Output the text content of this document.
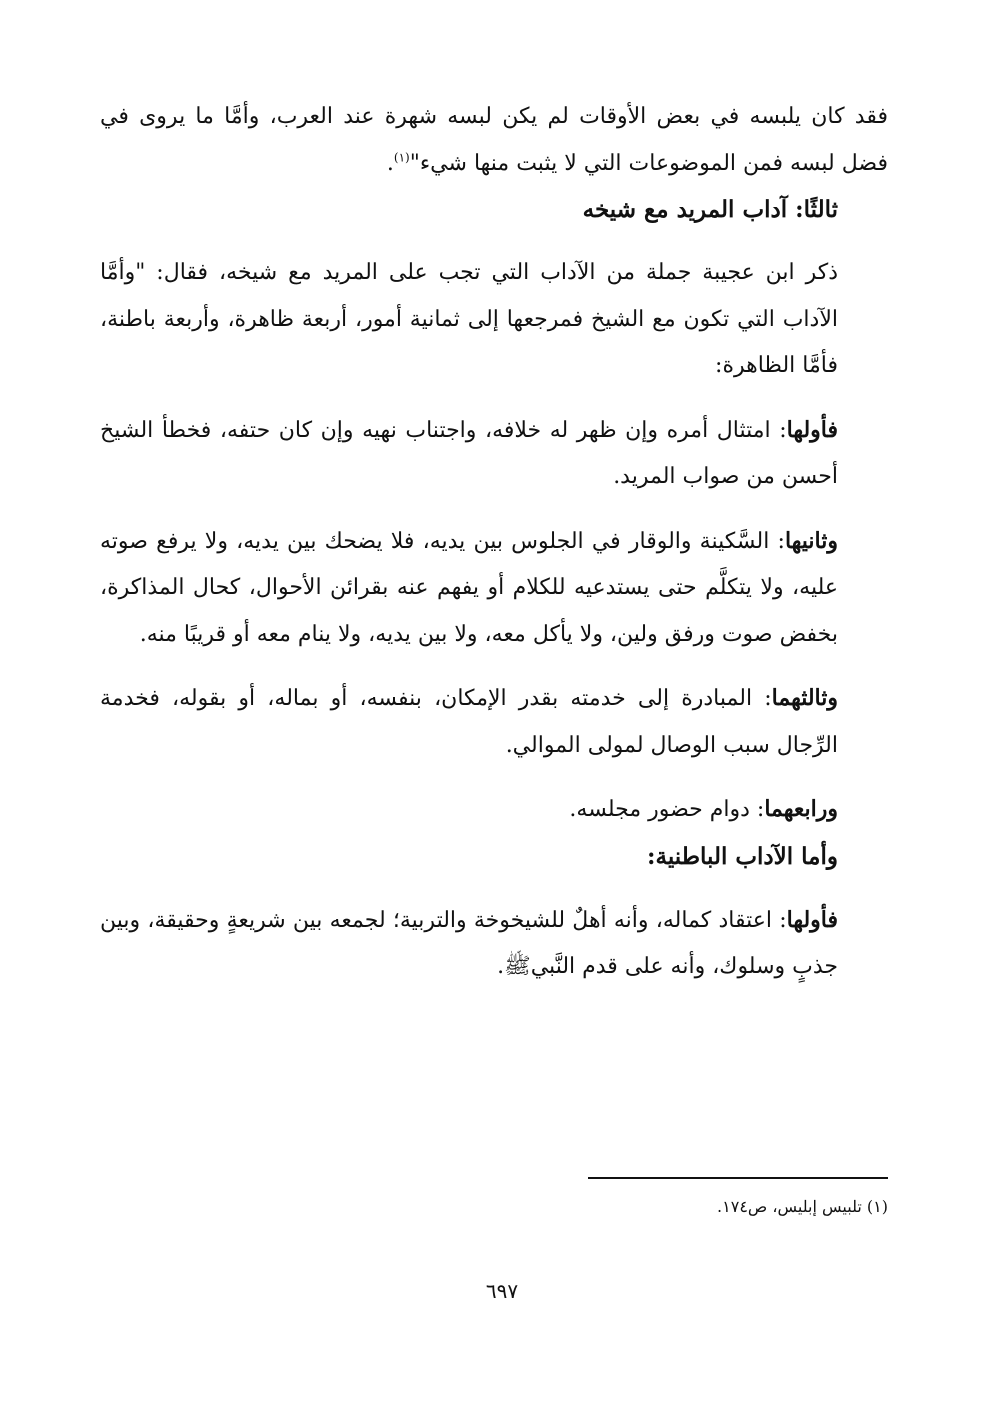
فقد كان يلبسه في بعض الأوقات لم يكن لبسه شهرة عند العرب، وأمَّا ما يروى في فضل لبسه فمن الموضوعات التي لا يثبت منها شيء"$^{(١)}$.

ثالثًا: آداب المريد مع شيخه

ذكر ابن عجيبة جملة من الآداب التي تجب على المريد مع شيخه، فقال: "وأمَّا الآداب التي تكون مع الشيخ فمرجعها إلى ثمانية أمور، أربعة ظاهرة، وأربعة باطنة، فأمَّا الظاهرة:

فأولها: امتثال أمره وإن ظهر له خلافه، واجتناب نهيه وإن كان حتفه، فخطأ الشيخ أحسن من صواب المريد.

وثانيها: السَّكينة والوقار في الجلوس بين يديه، فلا يضحك بين يديه، ولا يرفع صوته عليه، ولا يتكلَّم حتى يستدعيه للكلام أو يفهم عنه بقرائن الأحوال، كحال المذاكرة، بخفض صوت ورفق ولين، ولا يأكل معه، ولا بين يديه، ولا ينام معه أو قريبًا منه.

وثالثهما: المبادرة إلى خدمته بقدر الإمكان، بنفسه، أو بماله، أو بقوله، فخدمة الرِّجال سبب الوصال لمولى الموالي.

ورابعهما: دوام حضور مجلسه.

وأما الآداب الباطنية:

فأولها: اعتقاد كماله، وأنه أهلٌ للشيخوخة والتربية؛ لجمعه بين شريعةٍ وحقيقة، وبين جذبٍ وسلوك، وأنه على قدم النَّبيﷺ.

(١) تلبيس إبليس، ص١٧٤.
٦٩٧
